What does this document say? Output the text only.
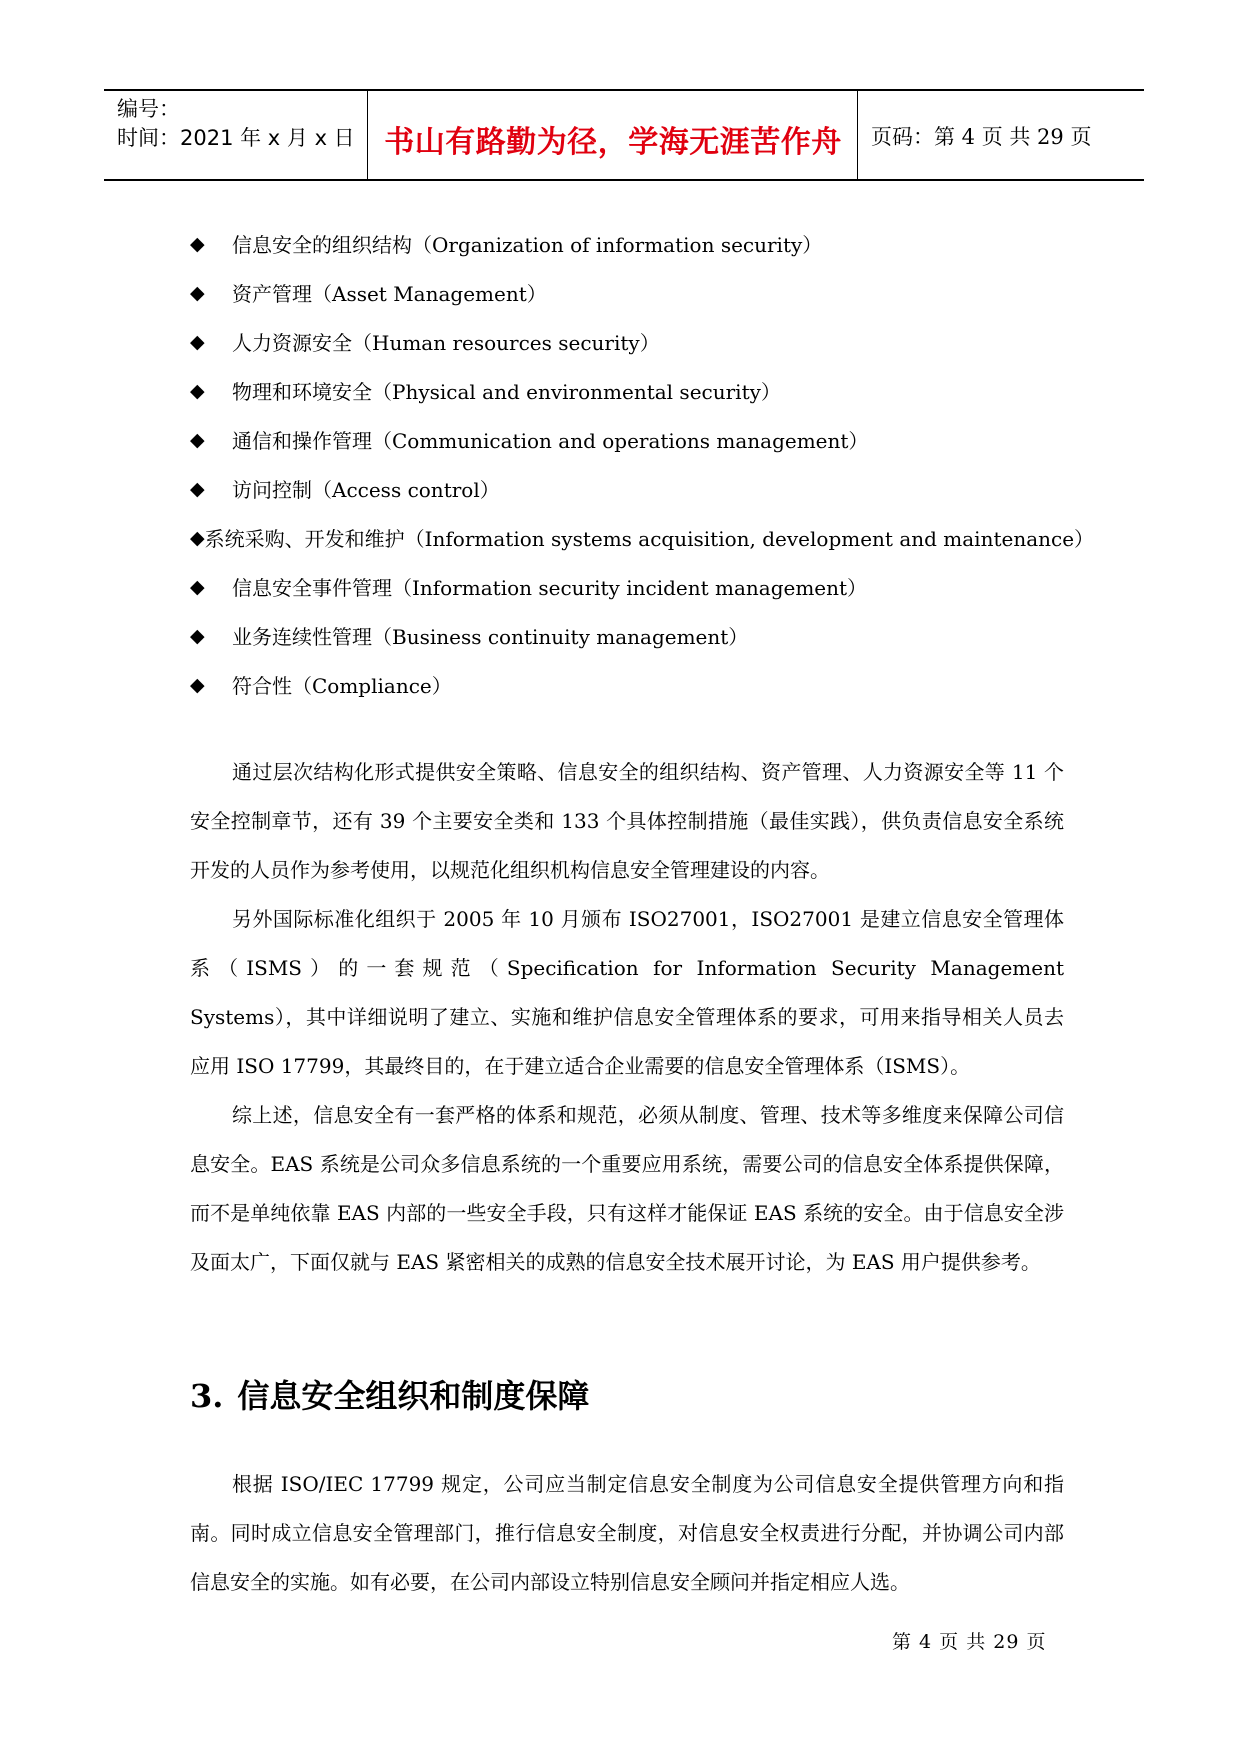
编号：
时间：2021 年 x 月 x 日 书山有路勤为径，学海无涯苦作舟	页码：第 4 页 共 29 页
◆	信息安全的组织结构（Organization of information security）
◆	资产管理（Asset Management）
◆	人力资源安全（Human resources security）
◆	物理和环境安全（Physical and environmental security）
◆	通信和操作管理（Communication and operations management）
◆	访问控制（Access control）
◆ 系统采购、开发和维护（Information systems acquisition, development and maintenance）
◆	信息安全事件管理（Information security incident management）
◆	业务连续性管理（Business continuity management）
◆	符合性（Compliance）

通过层次结构化形式提供安全策略、信息安全的组织结构、资产管理、人力资源安全等 11 个安全控制章节，还有 39 个主要安全类和 133 个具体控制措施（最佳实践），供负责信息安全系统开发的人员作为参考使用，以规范化组织机构信息安全管理建设的内容。

另外国际标准化组织于 2005 年 10 月颁布 ISO27001，ISO27001 是建立信息安全管理体系（ISMS）的一套规范（Specification for Information Security Management Systems），其中详细说明了建立、实施和维护信息安全管理体系的要求，可用来指导相关人员去应用 ISO 17799，其最终目的，在于建立适合企业需要的信息安全管理体系（ISMS）。

综上述，信息安全有一套严格的体系和规范，必须从制度、管理、技术等多维度来保障公司信息安全。EAS 系统是公司众多信息系统的一个重要应用系统，需要公司的信息安全体系提供保障，而不是单纯依靠 EAS 内部的一些安全手段，只有这样才能保证 EAS 系统的安全。由于信息安全涉及面太广，下面仅就与 EAS 紧密相关的成熟的信息安全技术展开讨论，为 EAS 用户提供参考。

3. 信息安全组织和制度保障

根据 ISO/IEC 17799 规定，公司应当制定信息安全制度为公司信息安全提供管理方向和指南。同时成立信息安全管理部门，推行信息安全制度，对信息安全权责进行分配，并协调公司内部信息安全的实施。如有必要，在公司内部设立特别信息安全顾问并指定相应人选。

第 4 页 共 29 页
